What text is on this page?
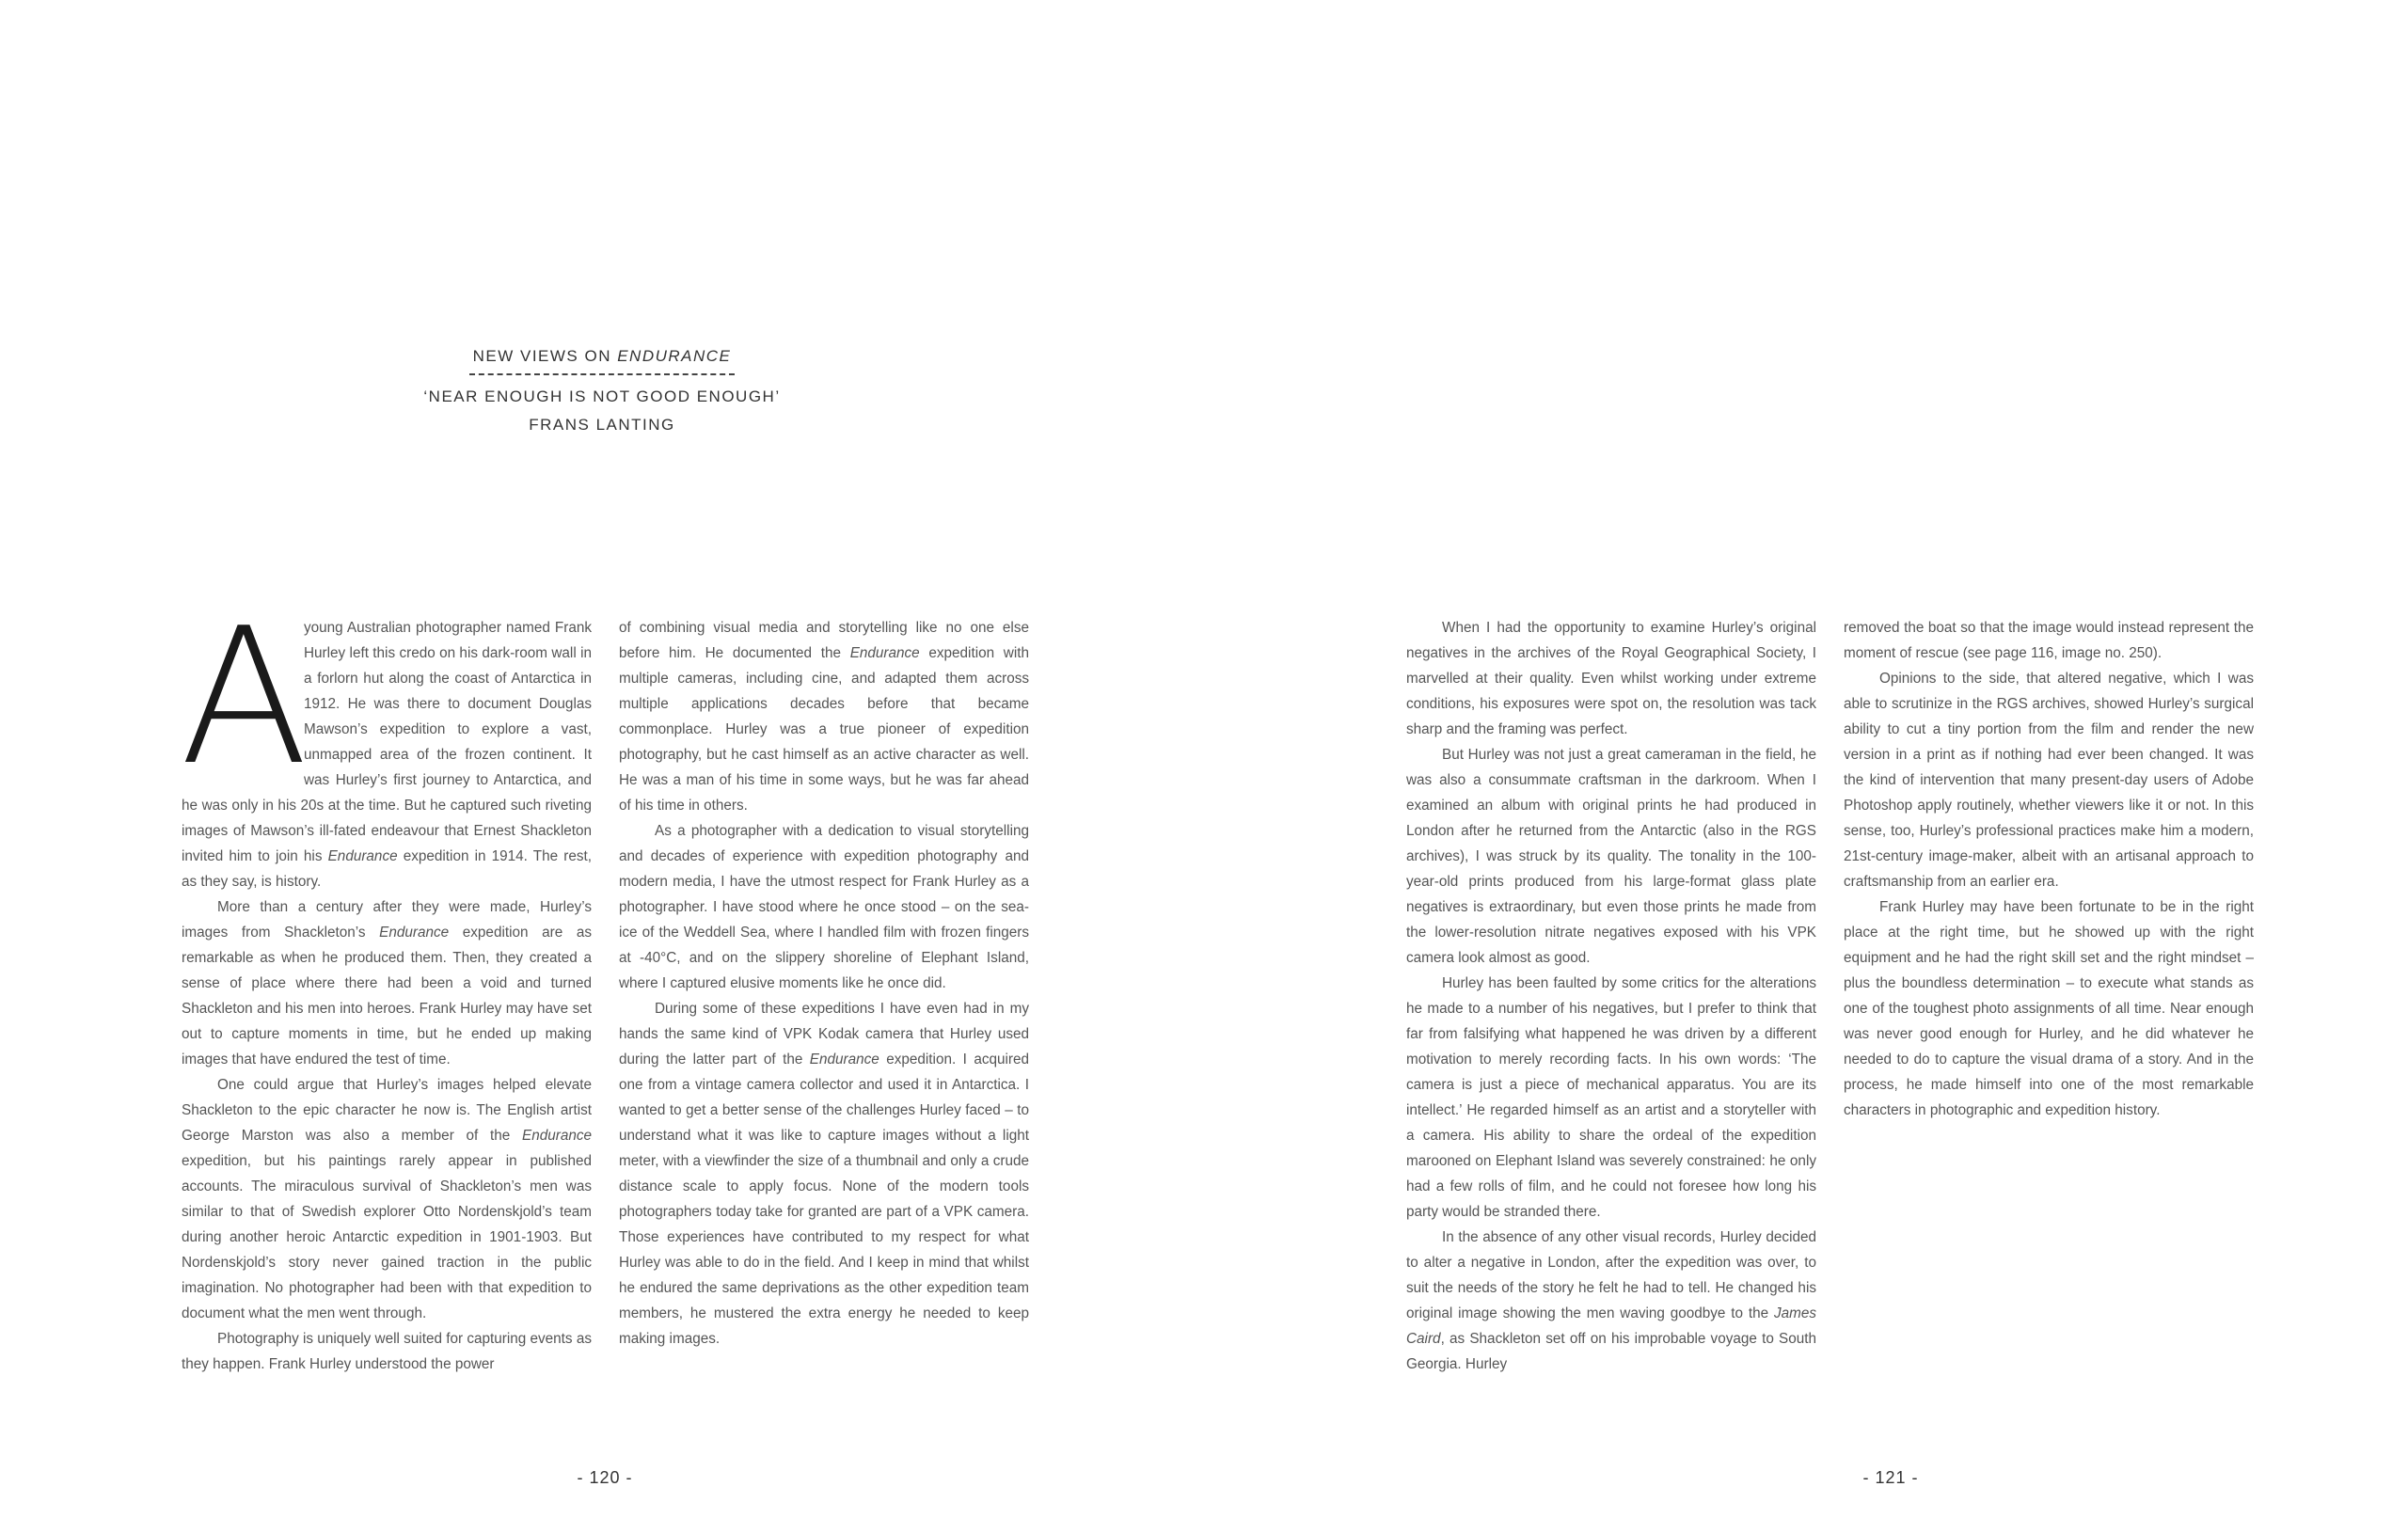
NEW VIEWS ON ENDURANCE
‘NEAR ENOUGH IS NOT GOOD ENOUGH’
FRANS LANTING
A

young Australian photographer named Frank Hurley left this credo on his dark-room wall in a forlorn hut along the coast of Antarctica in 1912. He was there to document Douglas Mawson’s expedition to explore a vast, unmapped area of the frozen continent. It was Hurley’s first journey to Antarctica, and he was only in his 20s at the time. But he captured such riveting images of Mawson’s ill-fated endeavour that Ernest Shackleton invited him to join his Endurance expedition in 1914. The rest, as they say, is history.

More than a century after they were made, Hurley’s images from Shackleton’s Endurance expedition are as remarkable as when he produced them. Then, they created a sense of place where there had been a void and turned Shackleton and his men into heroes. Frank Hurley may have set out to capture moments in time, but he ended up making images that have endured the test of time.

One could argue that Hurley’s images helped elevate Shackleton to the epic character he now is. The English artist George Marston was also a member of the Endurance expedition, but his paintings rarely appear in published accounts. The miraculous survival of Shackleton’s men was similar to that of Swedish explorer Otto Nordenskjold’s team during another heroic Antarctic expedition in 1901-1903. But Nordenskjold’s story never gained traction in the public imagination. No photographer had been with that expedition to document what the men went through.

Photography is uniquely well suited for capturing events as they happen. Frank Hurley understood the power

of combining visual media and storytelling like no one else before him. He documented the Endurance expedition with multiple cameras, including cine, and adapted them across multiple applications decades before that became commonplace. Hurley was a true pioneer of expedition photography, but he cast himself as an active character as well. He was a man of his time in some ways, but he was far ahead of his time in others.

As a photographer with a dedication to visual storytelling and decades of experience with expedition photography and modern media, I have the utmost respect for Frank Hurley as a photographer. I have stood where he once stood – on the sea-ice of the Weddell Sea, where I handled film with frozen fingers at -40°C, and on the slippery shoreline of Elephant Island, where I captured elusive moments like he once did.

During some of these expeditions I have even had in my hands the same kind of VPK Kodak camera that Hurley used during the latter part of the Endurance expedition. I acquired one from a vintage camera collector and used it in Antarctica. I wanted to get a better sense of the challenges Hurley faced – to understand what it was like to capture images without a light meter, with a viewfinder the size of a thumbnail and only a crude distance scale to apply focus. None of the modern tools photographers today take for granted are part of a VPK camera. Those experiences have contributed to my respect for what Hurley was able to do in the field. And I keep in mind that whilst he endured the same deprivations as the other expedition team members, he mustered the extra energy he needed to keep making images.

- 120 -

When I had the opportunity to examine Hurley’s original negatives in the archives of the Royal Geographical Society, I marvelled at their quality. Even whilst working under extreme conditions, his exposures were spot on, the resolution was tack sharp and the framing was perfect.

But Hurley was not just a great cameraman in the field, he was also a consummate craftsman in the darkroom. When I examined an album with original prints he had produced in London after he returned from the Antarctic (also in the RGS archives), I was struck by its quality. The tonality in the 100-year-old prints produced from his large-format glass plate negatives is extraordinary, but even those prints he made from the lower-resolution nitrate negatives exposed with his VPK camera look almost as good.

Hurley has been faulted by some critics for the alterations he made to a number of his negatives, but I prefer to think that far from falsifying what happened he was driven by a different motivation to merely recording facts. In his own words: ‘The camera is just a piece of mechanical apparatus. You are its intellect.’ He regarded himself as an artist and a storyteller with a camera. His ability to share the ordeal of the expedition marooned on Elephant Island was severely constrained: he only had a few rolls of film, and he could not foresee how long his party would be stranded there.

In the absence of any other visual records, Hurley decided to alter a negative in London, after the expedition was over, to suit the needs of the story he felt he had to tell. He changed his original image showing the men waving goodbye to the James Caird, as Shackleton set off on his improbable voyage to South Georgia. Hurley

removed the boat so that the image would instead represent the moment of rescue (see page 116, image no. 250).

Opinions to the side, that altered negative, which I was able to scrutinize in the RGS archives, showed Hurley’s surgical ability to cut a tiny portion from the film and render the new version in a print as if nothing had ever been changed. It was the kind of intervention that many present-day users of Adobe Photoshop apply routinely, whether viewers like it or not. In this sense, too, Hurley’s professional practices make him a modern, 21st-century image-maker, albeit with an artisanal approach to craftsmanship from an earlier era.

Frank Hurley may have been fortunate to be in the right place at the right time, but he showed up with the right equipment and he had the right skill set and the right mindset – plus the boundless determination – to execute what stands as one of the toughest photo assignments of all time. Near enough was never good enough for Hurley, and he did whatever he needed to do to capture the visual drama of a story. And in the process, he made himself into one of the most remarkable characters in photographic and expedition history.

- 121 -
